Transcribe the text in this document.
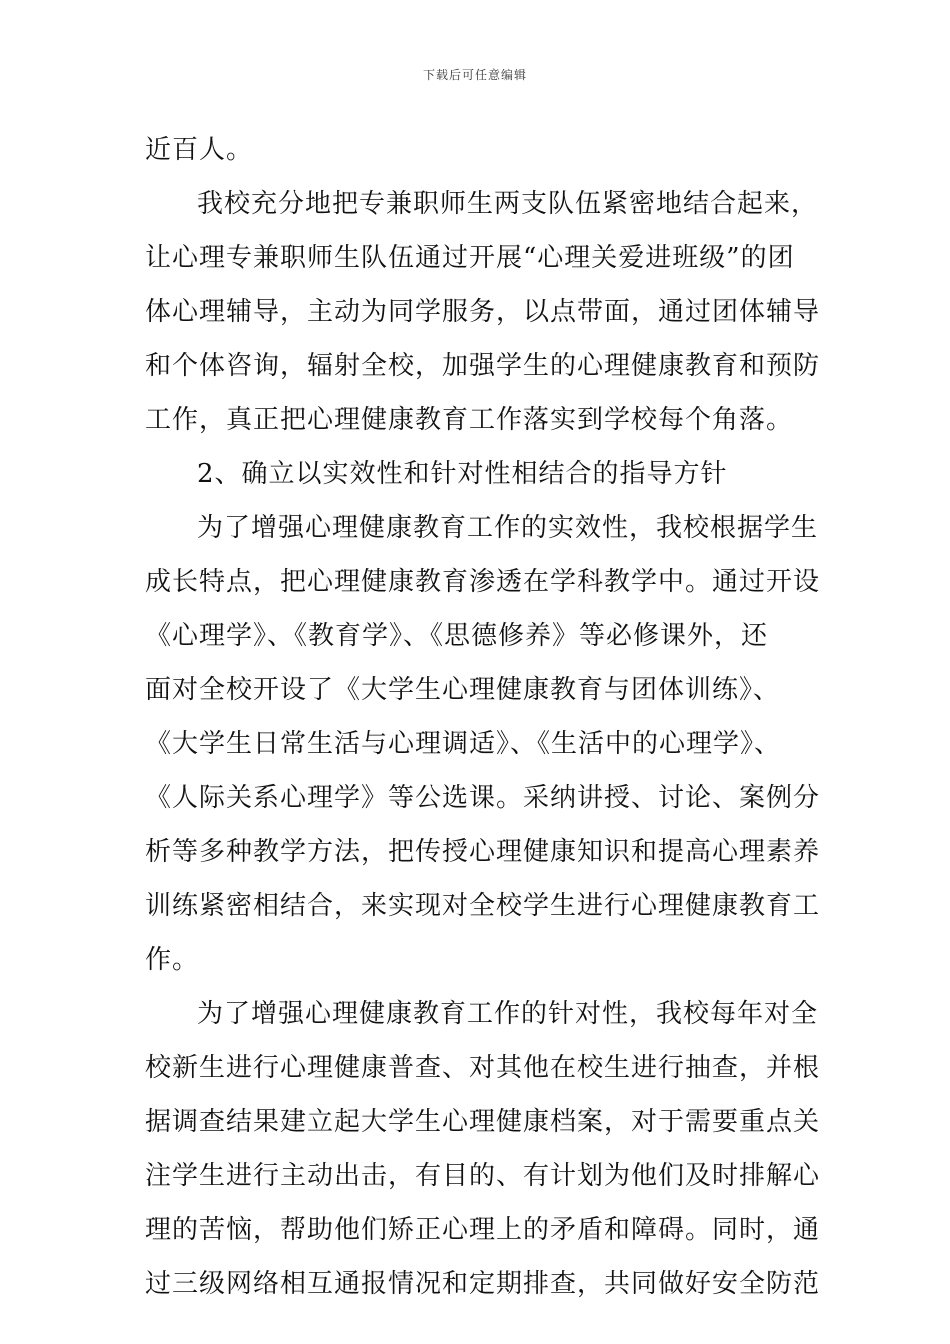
下载后可任意编辑
近百人。
我校充分地把专兼职师生两支队伍紧密地结合起来，
让心理专兼职师生队伍通过开展“心理关爱进班级”的团
体心理辅导，主动为同学服务，以点带面，通过团体辅导
和个体咨询，辐射全校，加强学生的心理健康教育和预防
工作，真正把心理健康教育工作落实到学校每个角落。
2、确立以实效性和针对性相结合的指导方针
为了增强心理健康教育工作的实效性，我校根据学生
成长特点，把心理健康教育渗透在学科教学中。通过开设
《心理学》、《教育学》、《思德修养》等必修课外，还
面对全校开设了《大学生心理健康教育与团体训练》、
《大学生日常生活与心理调适》、《生活中的心理学》、
《人际关系心理学》等公选课。采纳讲授、讨论、案例分
析等多种教学方法，把传授心理健康知识和提高心理素养
训练紧密相结合，来实现对全校学生进行心理健康教育工
作。
为了增强心理健康教育工作的针对性，我校每年对全
校新生进行心理健康普查、对其他在校生进行抽查，并根
据调查结果建立起大学生心理健康档案，对于需要重点关
注学生进行主动出击，有目的、有计划为他们及时排解心
理的苦恼，帮助他们矫正心理上的矛盾和障碍。同时，通
过三级网络相互通报情况和定期排查，共同做好安全防范
